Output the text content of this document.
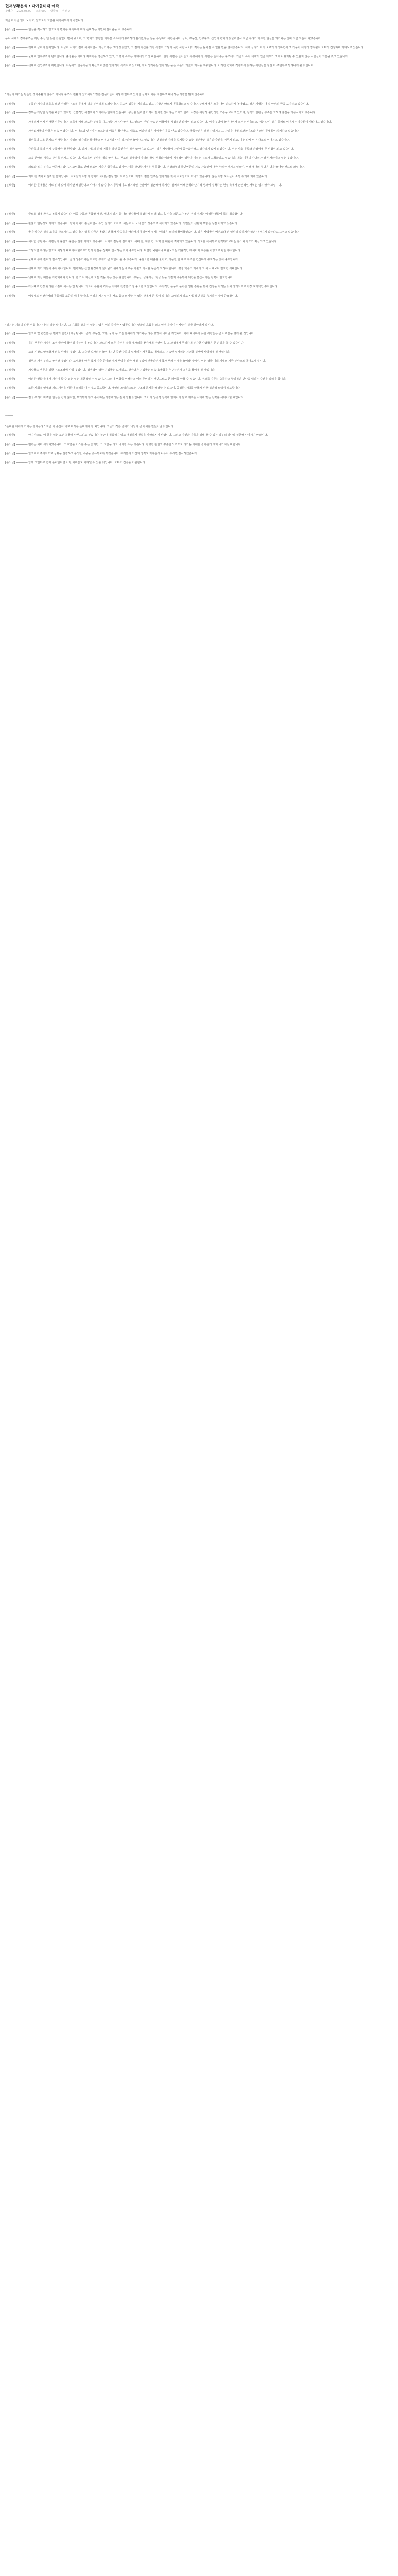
현재상황분석 : 다가올미래 예측
작성자 2023.08.00 조회 000 댓글 0 추천 0

지금 다시금 읽어 보시고, 앞으로의 흐름을 예측해보시기 바랍니다.

[분석글] ─────── 현실을 직시하고 앞으로의 변화를 예측하며 미리 준비하는 자만이 살아남을 수 있습니다.

우리 시대의 경제구조는 지난 수십 년 동안 끊임없이 변해 왔으며, 그 변화의 방향은 대부분 소수에게 유리하게 흘러왔다는 점을 부정하기 어렵습니다. 금리, 부동산, 인구구조, 산업의 변화가 맞물리면서 지금 우리가 마주한 현실은 과거와는 전혀 다른 모습이 되었습니다.

[분석글] ─────── 첫째로 금리의 문제입니다. 저금리 시대가 길게 이어지면서 자산가격은 크게 상승했고, 그 결과 자산을 가진 사람과 그렇지 못한 사람 사이의 격차는 돌이킬 수 없을 만큼 벌어졌습니다. 이제 금리가 다시 오르기 시작하면서 그 거품이 어떻게 정리될지 모두가 긴장하며 지켜보고 있습니다.

[분석글] ─────── 둘째로 인구구조의 변화입니다. 출생률은 해마다 최저치를 경신하고 있고, 고령화 속도는 세계에서 가장 빠릅니다. 일할 사람은 줄어들고 부양해야 할 사람은 늘어나는 구조에서 기존의 복지 체계와 연금 제도가 그대로 유지될 수 있을지 많은 사람들이 의문을 갖고 있습니다.

[분석글] ─────── 셋째로 산업구조의 재편입니다. 자동화와 인공지능의 확산으로 많은 일자리가 사라지고 있으며, 새로 생겨나는 일자리는 높은 수준의 기술과 지식을 요구합니다. 이러한 변화에 적응하지 못하는 사람들은 점점 더 주변부로 밀려나게 될 것입니다.

--------

"지금의 위기는 단순한 경기순환의 일부가 아니라 구조적 전환의 신호이다." 많은 전문가들이 이렇게 말하고 있지만 실제로 이를 체감하고 대비하는 사람은 많지 않습니다.

[분석글] ─────── 부동산 시장의 흐름을 보면 이러한 구조적 문제가 더욱 분명하게 드러납니다. 수도권 집중은 계속되고 있고, 지방은 빠르게 공동화되고 있습니다. 주택가격은 소득 대비 과도하게 높아졌고, 젊은 세대는 내 집 마련의 꿈을 포기하고 있습니다.

[분석글] ─────── 정부는 다양한 정책을 내놓고 있지만, 근본적인 해결책이 되기에는 한계가 있습니다. 공급을 늘리면 가격이 떨어질 것이라는 기대와 달리, 시장은 여전히 불안정한 모습을 보이고 있으며, 정책의 일관성 부족은 오히려 혼란을 가중시키고 있습니다.

[분석글] ─────── 가계부채 역시 심각한 수준입니다. 소득에 비해 과도한 부채를 지고 있는 가구가 늘어나고 있으며, 금리 상승은 이들에게 직접적인 타격이 되고 있습니다. 이자 부담이 늘어나면서 소비는 위축되고, 이는 다시 경기 침체로 이어지는 악순환이 나타나고 있습니다.

[분석글] ─────── 자영업자들의 상황은 더욱 어렵습니다. 임대료와 인건비는 오르는데 매출은 줄어들고, 대출로 버티던 많은 가게들이 문을 닫고 있습니다. 골목상권은 점점 사라지고 그 자리를 대형 프랜차이즈와 온라인 플랫폼이 차지하고 있습니다.

[분석글] ─────── 청년층의 고용 문제도 심각합니다. 양질의 일자리는 줄어들고 비정규직과 단기 일자리만 늘어나고 있습니다. 안정적인 미래를 설계할 수 없는 청년들은 결혼과 출산을 미루게 되고, 이는 다시 인구 감소로 이어지고 있습니다.

[분석글] ─────── 중산층의 붕괴 역시 주목해야 할 현상입니다. 과거 사회의 허리 역할을 하던 중산층이 점점 얇아지고 있으며, 많은 사람들이 자신이 중산층이라고 생각하지 않게 되었습니다. 이는 사회 통합과 안정성에 큰 위협이 되고 있습니다.

[분석글] ─────── 교육 분야의 격차도 갈수록 커지고 있습니다. 사교육비 부담은 계속 늘어나고, 부모의 경제력이 자녀의 학업 성취와 미래에 직접적인 영향을 미치는 구조가 고착화되고 있습니다. 계층 이동의 사다리가 점점 사라지고 있는 것입니다.

[분석글] ─────── 의료와 복지 분야도 마찬가지입니다. 고령화로 인해 의료비 지출은 급증하고 있지만, 이를 감당할 재정은 부족합니다. 건강보험과 국민연금의 지속 가능성에 대한 우려가 커지고 있으며, 미래 세대의 부담은 더욱 늘어날 것으로 보입니다.

[분석글] ─────── 지역 간 격차도 심각한 문제입니다. 수도권과 지방의 경제력 차이는 점점 벌어지고 있으며, 지방의 젊은 인구는 일자리를 찾아 수도권으로 떠나고 있습니다. 많은 지방 도시들이 소멸 위기에 처해 있습니다.

[분석글] ─────── 이러한 문제들은 서로 얽혀 있어 하나만 해결한다고 나아지지 않습니다. 종합적이고 장기적인 관점에서 접근해야 하지만, 정치적 이해관계와 단기적 성과에 집착하는 현실 속에서 근본적인 개혁은 쉽지 않아 보입니다.

--------

[분석글] ─────── 글로벌 경제 환경도 녹록지 않습니다. 미중 갈등과 공급망 재편, 에너지 위기 등 대외 변수들이 복잡하게 얽혀 있으며, 수출 의존도가 높은 우리 경제는 이러한 변화에 특히 취약합니다.

[분석글] ─────── 환율의 변동성도 커지고 있습니다. 원화 가치가 흔들리면서 수입 물가가 오르고, 이는 다시 국내 물가 상승으로 이어지고 있습니다. 서민들의 생활비 부담은 점점 커지고 있습니다.

[분석글] ─────── 물가 상승은 실질 소득을 감소시키고 있습니다. 명목 임금은 올랐지만 물가 상승률을 따라가지 못하면서 실제 구매력은 오히려 줄어들었습니다. 많은 사람들이 예전보다 더 열심히 일하지만 삶은 나아지지 않는다고 느끼고 있습니다.

[분석글] ─────── 이러한 상황에서 사람들의 불안과 불만은 점점 커지고 있습니다. 사회적 갈등이 심화되고, 세대 간, 계층 간, 지역 간 대립이 격화되고 있습니다. 서로를 이해하고 협력하기보다는 분노와 혐오가 확산되고 있습니다.

[분석글] ─────── 그렇다면 우리는 앞으로 어떻게 대비해야 할까요? 먼저 현실을 정확히 인식하는 것이 중요합니다. 막연한 낙관이나 비관보다는 객관적인 데이터와 흐름을 바탕으로 판단해야 합니다.

[분석글] ─────── 둘째로 부채 관리가 필수적입니다. 금리 상승기에는 과도한 부채가 큰 위험이 될 수 있습니다. 불필요한 대출을 줄이고, 가능한 한 재무 구조를 건전하게 유지하는 것이 중요합니다.

[분석글] ─────── 셋째로 자기 계발에 투자해야 합니다. 변화하는 산업 환경에서 살아남기 위해서는 새로운 기술과 지식을 꾸준히 익혀야 합니다. 평생 학습의 자세가 그 어느 때보다 필요한 시대입니다.

[분석글] ─────── 넷째로 자산 배분을 다변화해야 합니다. 한 가지 자산에 모든 것을 거는 것은 위험합니다. 부동산, 금융자산, 현금 등을 적절히 배분하여 위험을 분산시키는 전략이 필요합니다.

[분석글] ─────── 다섯째로 건강 관리를 소홀히 해서는 안 됩니다. 의료비 부담이 커지는 시대에 건강은 가장 중요한 자산입니다. 규칙적인 운동과 올바른 생활 습관을 통해 건강을 지키는 것이 장기적으로 가장 효과적인 투자입니다.

[분석글] ─────── 여섯째로 인간관계와 공동체를 소중히 해야 합니다. 어려운 시기일수록 서로 돕고 의지할 수 있는 관계가 큰 힘이 됩니다. 고립되지 않고 사회적 연결을 유지하는 것이 중요합니다.

--------

"위기는 기회의 다른 이름이다." 흔히 하는 말이지만, 그 기회를 잡을 수 있는 사람은 미리 준비한 사람뿐입니다. 변화의 흐름을 읽고 먼저 움직이는 사람이 결국 살아남게 됩니다.

[분석글] ─────── 앞으로 몇 년간은 큰 변화와 혼란이 예상됩니다. 금리, 부동산, 고용, 물가 등 모든 분야에서 과거와는 다른 양상이 나타날 것입니다. 이에 대비하지 못한 사람들은 큰 어려움을 겪게 될 것입니다.

[분석글] ─────── 특히 부동산 시장은 조정 국면에 들어설 가능성이 높습니다. 과도하게 오른 가격은 결국 제자리를 찾아가게 마련이며, 그 과정에서 무리하게 투자한 사람들은 큰 손실을 볼 수 있습니다.

[분석글] ─────── 고용 시장도 양극화가 더욱 심해질 것입니다. 고숙련 일자리는 늘어나지만 중간 수준의 일자리는 자동화로 대체되고, 저숙련 일자리는 저임금 경쟁에 시달리게 될 것입니다.

[분석글] ─────── 정부의 재정 부담도 늘어날 것입니다. 고령화에 따른 복지 지출 증가와 경기 부양을 위한 재정 투입이 맞물리면서 국가 부채는 계속 늘어날 것이며, 이는 결국 미래 세대의 세금 부담으로 돌아오게 됩니다.

[분석글] ─────── 기업들도 생존을 위한 구조조정에 나설 것입니다. 경쟁력이 약한 기업들은 도태되고, 살아남은 기업들은 더욱 효율화를 추구하면서 고용을 줄이게 될 것입니다.

[분석글] ─────── 이러한 변화 속에서 개인이 할 수 있는 일은 제한적일 수 있습니다. 그러나 변화를 이해하고 미리 준비하는 것만으로도 큰 차이를 만들 수 있습니다. 정보를 꾸준히 습득하고 합리적인 판단을 내리는 습관을 길러야 합니다.

[분석글] ─────── 또한 사회적 연대와 제도 개선을 위한 목소리를 내는 것도 중요합니다. 개인의 노력만으로는 구조적 문제를 해결할 수 없으며, 공정한 사회를 만들기 위한 집단적 노력이 필요합니다.

[분석글] ─────── 결국 우리가 마주한 현실은 쉽지 않지만, 포기하지 않고 준비하는 사람에게는 길이 열릴 것입니다. 과거의 성공 방정식에 얽매이지 말고 새로운 시대에 맞는 전략을 세워야 할 때입니다.

--------

"준비된 자에게 기회는 찾아온다." 지금 이 순간이 바로 미래를 준비해야 할 때입니다. 오늘의 작은 준비가 내일의 큰 차이를 만들어낼 것입니다.

[분석글] ─────── 마지막으로, 이 글을 읽는 모든 분들께 당부드리고 싶습니다. 불안에 휩쓸리지 말고 냉정하게 현실을 바라보시기 바랍니다. 그리고 자신과 가족을 위해 할 수 있는 일부터 하나씩 실천해 나가시기 바랍니다.

[분석글] ─────── 변화는 이미 시작되었습니다. 그 흐름을 거스를 수는 없지만, 그 흐름을 타고 나아갈 수는 있습니다. 현명한 판단과 꾸준한 노력으로 다가올 미래를 슬기롭게 헤쳐 나가시길 바랍니다.

[분석글] ─────── 앞으로도 주기적으로 상황을 점검하고 분석한 내용을 공유하도록 하겠습니다. 여러분의 의견과 생각도 자유롭게 나누어 주시면 감사하겠습니다.

[분석글] ─────── 함께 고민하고 함께 준비한다면 어떤 어려움도 이겨낼 수 있을 것입니다. 모두의 건승을 기원합니다.
